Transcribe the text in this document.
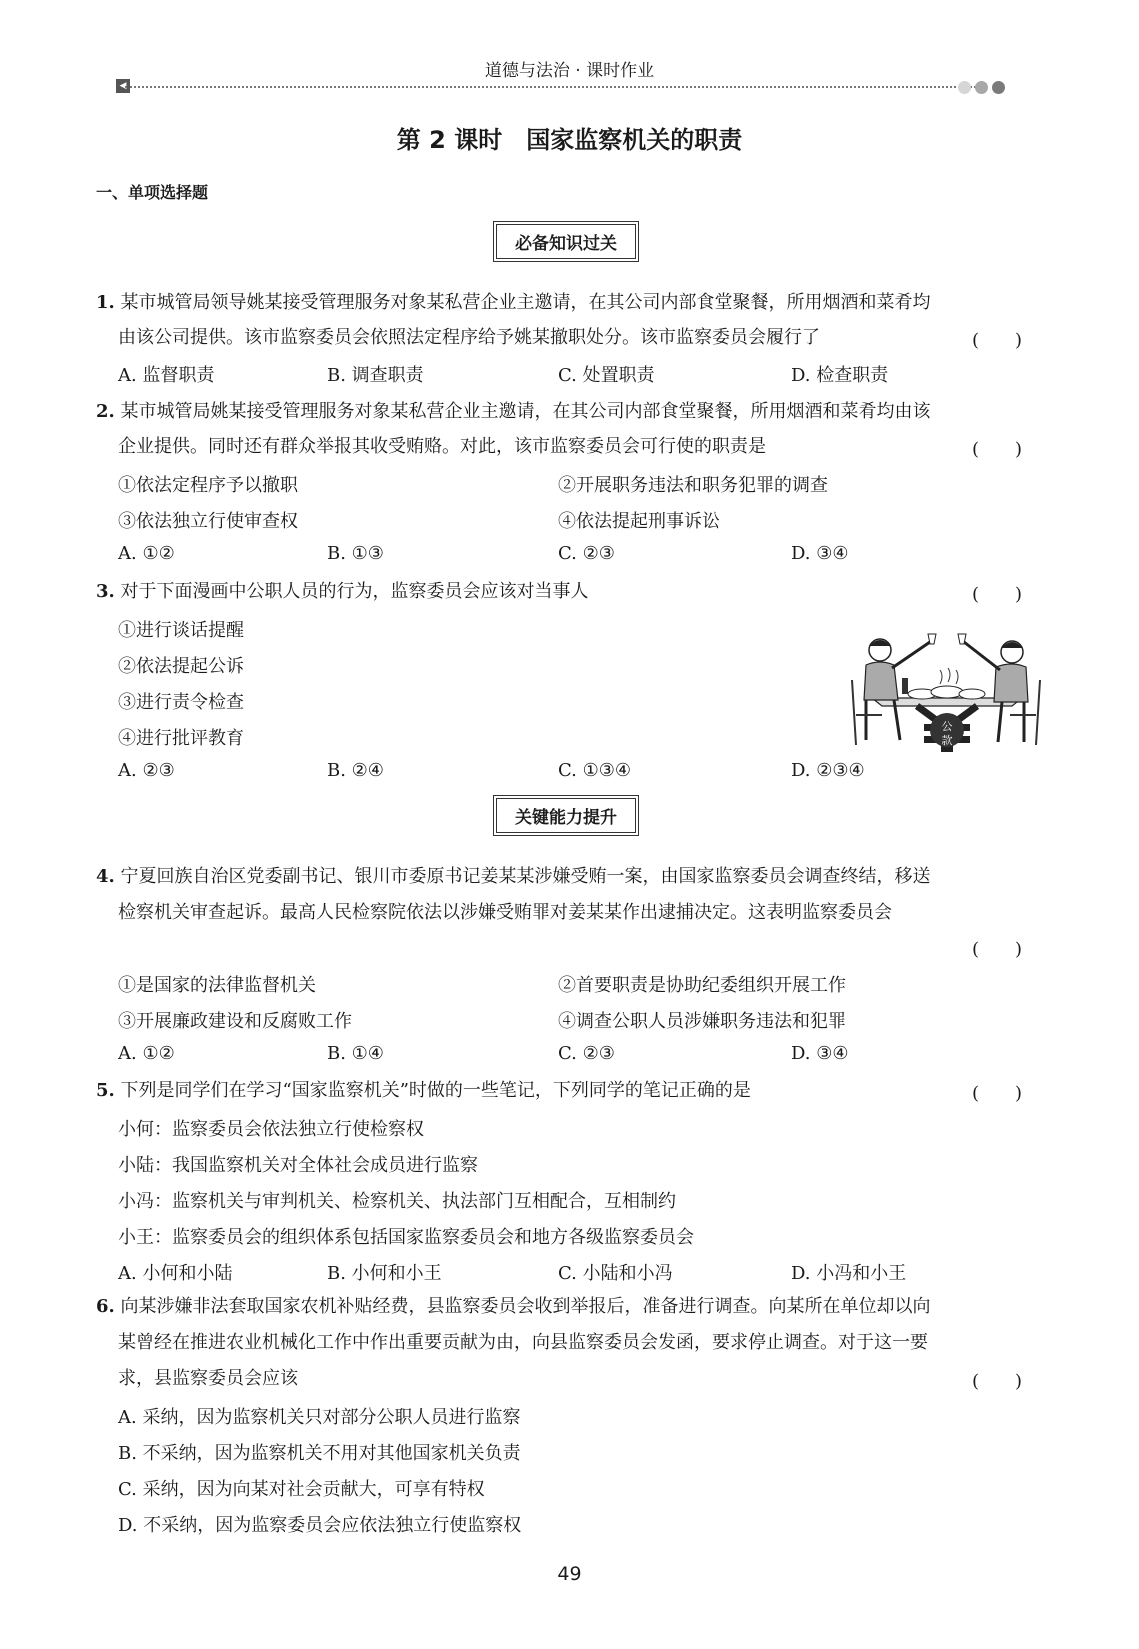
道德与法治 · 课时作业
◀
第 2 课时　国家监察机关的职责
一、单项选择题
必备知识过关
1. 某市城管局领导姚某接受管理服务对象某私营企业主邀请，在其公司内部食堂聚餐，所用烟酒和菜肴均
由该公司提供。该市监察委员会依照法定程序给予姚某撤职处分。该市监察委员会履行了	(　　)
A. 监督职责	B. 调查职责	C. 处置职责	D. 检查职责
2. 某市城管局姚某接受管理服务对象某私营企业主邀请，在其公司内部食堂聚餐，所用烟酒和菜肴均由该
企业提供。同时还有群众举报其收受贿赂。对此，该市监察委员会可行使的职责是	(　　)
①依法定程序予以撤职	②开展职务违法和职务犯罪的调查
③依法独立行使审查权	④依法提起刑事诉讼
A. ①②	B. ①③	C. ②③	D. ③④
3. 对于下面漫画中公职人员的行为，监察委员会应该对当事人	(　　)
①进行谈话提醒
②依法提起公诉
③进行责令检查
④进行批评教育
A. ②③	B. ②④	C. ①③④	D. ②③④
公
款
关键能力提升
4. 宁夏回族自治区党委副书记、银川市委原书记姜某某涉嫌受贿一案，由国家监察委员会调查终结，移送
检察机关审查起诉。最高人民检察院依法以涉嫌受贿罪对姜某某作出逮捕决定。这表明监察委员会
(　　)
①是国家的法律监督机关	②首要职责是协助纪委组织开展工作
③开展廉政建设和反腐败工作	④调查公职人员涉嫌职务违法和犯罪
A. ①②	B. ①④	C. ②③	D. ③④
5. 下列是同学们在学习“国家监察机关”时做的一些笔记，下列同学的笔记正确的是	(　　)
小何：监察委员会依法独立行使检察权
小陆：我国监察机关对全体社会成员进行监察
小冯：监察机关与审判机关、检察机关、执法部门互相配合，互相制约
小王：监察委员会的组织体系包括国家监察委员会和地方各级监察委员会
A. 小何和小陆	B. 小何和小王	C. 小陆和小冯	D. 小冯和小王
6. 向某涉嫌非法套取国家农机补贴经费，县监察委员会收到举报后，准备进行调查。向某所在单位却以向
某曾经在推进农业机械化工作中作出重要贡献为由，向县监察委员会发函，要求停止调查。对于这一要
求，县监察委员会应该	(　　)
A. 采纳，因为监察机关只对部分公职人员进行监察
B. 不采纳，因为监察机关不用对其他国家机关负责
C. 采纳，因为向某对社会贡献大，可享有特权
D. 不采纳，因为监察委员会应依法独立行使监察权
49
